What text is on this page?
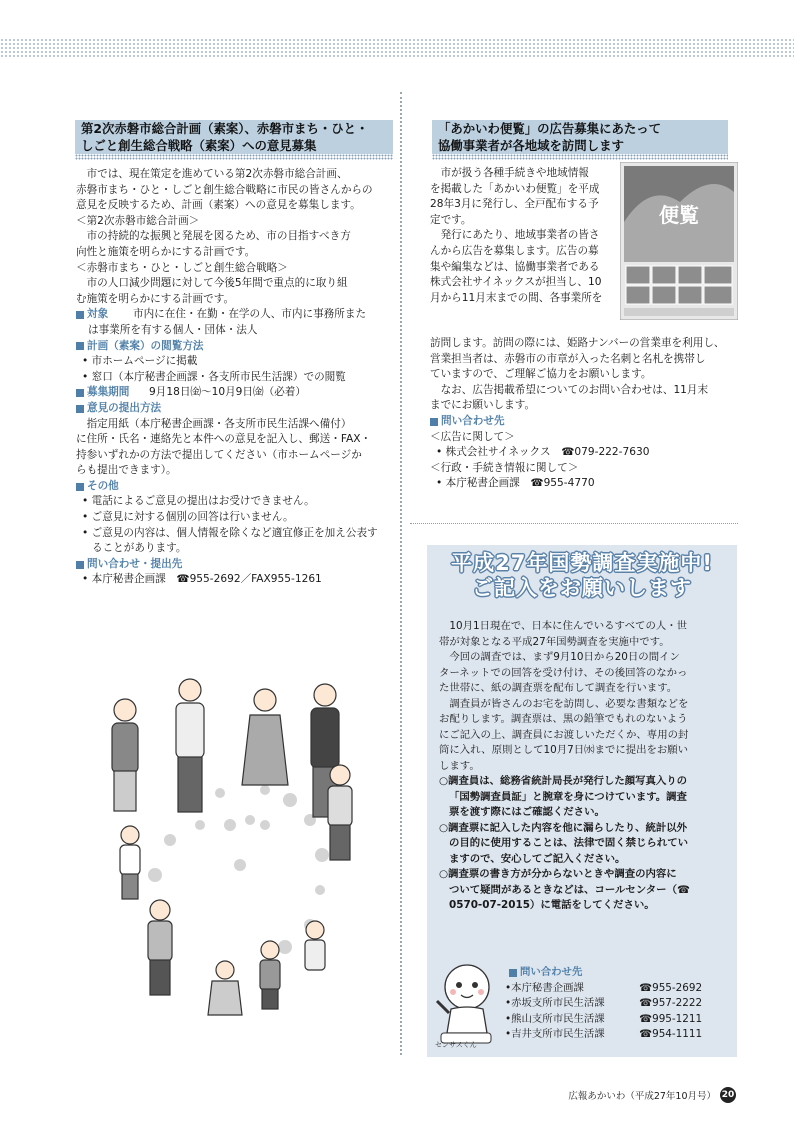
第2次赤磐市総合計画（素案）、赤磐市まち・ひと・
しごと創生総合戦略（素案）への意見募集

市では、現在策定を進めている第2次赤磐市総合計画、

赤磐市まち・ひと・しごと創生総合戦略に市民の皆さんからの

意見を反映するため、計画（素案）への意見を募集します。

＜第2次赤磐市総合計画＞

市の持続的な振興と発展を図るため、市の目指すべき方

向性と施策を明らかにする計画です。

＜赤磐市まち・ひと・しごと創生総合戦略＞

市の人口減少問題に対して今後5年間で重点的に取り組

む施策を明らかにする計画です。

対象	市内に在住・在勤・在学の人、市内に事務所また

は事業所を有する個人・団体・法人

計画（素案）の閲覧方法

• 市ホームページに掲載

• 窓口（本庁秘書企画課・各支所市民生活課）での閲覧

募集期間	9月18日㈮～10月9日㈮（必着）
意見の提出方法

指定用紙（本庁秘書企画課・各支所市民生活課へ備付）

に住所・氏名・連絡先と本件への意見を記入し、郵送・FAX・

持参いずれかの方法で提出してください（市ホームページか

らも提出できます）。

その他

• 電話によるご意見の提出はお受けできません。

• ご意見に対する個別の回答は行いません。

• ご意見の内容は、個人情報を除くなど適宜修正を加え公表することがあります。

問い合わせ・提出先

• 本庁秘書企画課　☎955-2692／FAX955-1261

「あかいわ便覧」の広告募集にあたって
協働事業者が各地域を訪問します
便覧

市が扱う各種手続きや地域情報

を掲載した「あかいわ便覧」を平成

28年3月に発行し、全戸配布する予

定です。

発行にあたり、地域事業者の皆さ

んから広告を募集します。広告の募

集や編集などは、協働事業者である

株式会社サイネックスが担当し、10

月から11月末までの間、各事業所を

訪問します。訪問の際には、姫路ナンバーの営業車を利用し、

営業担当者は、赤磐市の市章が入った名刺と名札を携帯し

ていますので、ご理解ご協力をお願いします。

なお、広告掲載希望についてのお問い合わせは、11月末

までにお願いします。

問い合わせ先

＜広告に関して＞

• 株式会社サイネックス　☎079-222-7630

＜行政・手続き情報に関して＞

• 本庁秘書企画課　☎955-4770

平成27年国勢調査実施中!
ご記入をお願いします

10月1日現在で、日本に住んでいるすべての人・世

帯が対象となる平成27年国勢調査を実施中です。

今回の調査では、まず9月10日から20日の間イン

ターネットでの回答を受け付け、その後回答のなかっ

た世帯に、紙の調査票を配布して調査を行います。

調査員が皆さんのお宅を訪問し、必要な書類などを

お配りします。調査票は、黒の鉛筆でもれのないよう

にご記入の上、調査員にお渡しいただくか、専用の封

筒に入れ、原則として10月7日㈬までに提出をお願い

します。

○調査員は、総務省統計局長が発行した顔写真入りの

「国勢調査員証」と腕章を身につけています。調査

票を渡す際にはご確認ください。

○調査票に記入した内容を他に漏らしたり、統計以外

の目的に使用することは、法律で固く禁じられてい

ますので、安心してご記入ください。

○調査票の書き方が分からないときや調査の内容に

ついて疑問があるときなどは、コールセンター（☎

0570-07-2015）に電話をしてください。

センサスくん
問い合わせ先
• 本庁秘書企画課	☎955-2692
• 赤坂支所市民生活課	☎957-2222
• 熊山支所市民生活課	☎995-1211
• 吉井支所市民生活課	☎954-1111
広報あかいわ（平成27年10月号） 20
